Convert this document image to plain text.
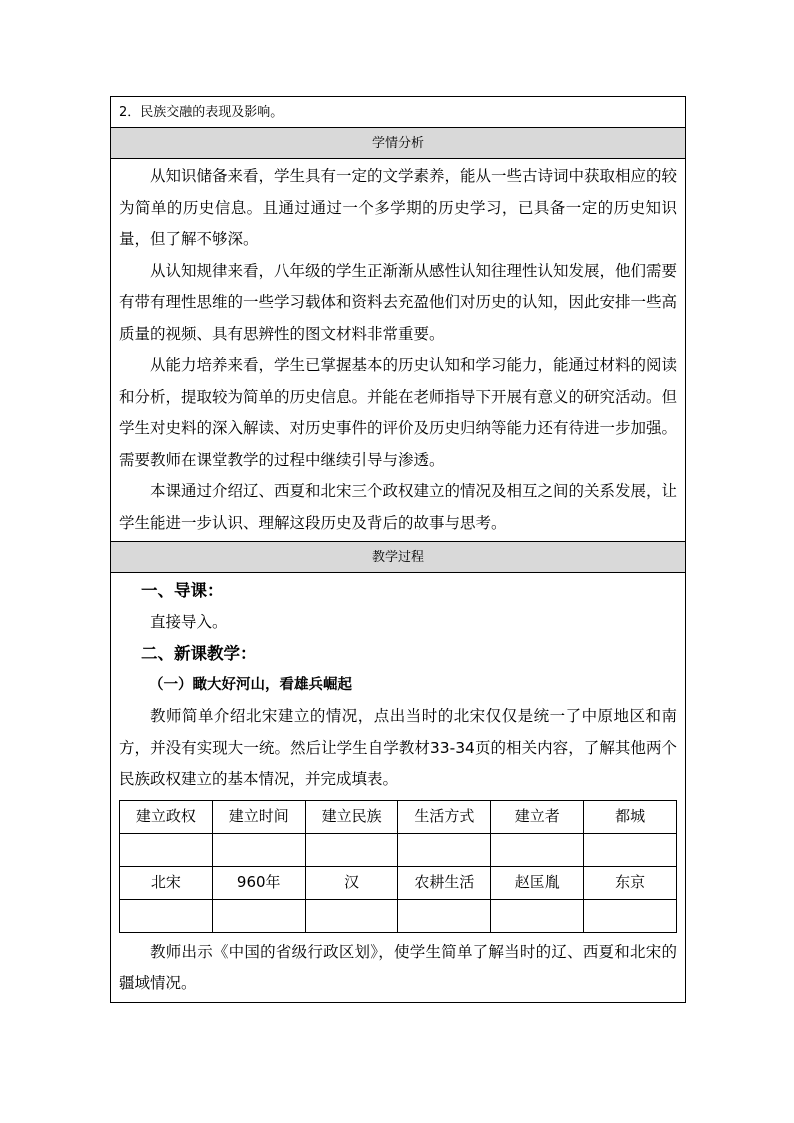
2．民族交融的表现及影响。
学情分析

从知识储备来看，学生具有一定的文学素养，能从一些古诗词中获取相应的较为简单的历史信息。且通过通过一个多学期的历史学习，已具备一定的历史知识量，但了解不够深。

从认知规律来看，八年级的学生正渐渐从感性认知往理性认知发展，他们需要有带有理性思维的一些学习载体和资料去充盈他们对历史的认知，因此安排一些高质量的视频、具有思辨性的图文材料非常重要。

从能力培养来看，学生已掌握基本的历史认知和学习能力，能通过材料的阅读和分析，提取较为简单的历史信息。并能在老师指导下开展有意义的研究活动。但学生对史料的深入解读、对历史事件的评价及历史归纳等能力还有待进一步加强。需要教师在课堂教学的过程中继续引导与渗透。

本课通过介绍辽、西夏和北宋三个政权建立的情况及相互之间的关系发展，让学生能进一步认识、理解这段历史及背后的故事与思考。

教学过程

一、导课：

直接导入。

二、新课教学：

（一）瞰大好河山，看雄兵崛起

教师简单介绍北宋建立的情况，点出当时的北宋仅仅是统一了中原地区和南方，并没有实现大一统。然后让学生自学教材33-34页的相关内容，了解其他两个民族政权建立的基本情况，并完成填表。

建立政权	建立时间	建立民族	生活方式	建立者	都城

北宋	960年	汉	农耕生活	赵匡胤	东京

教师出示《中国的省级行政区划》，使学生简单了解当时的辽、西夏和北宋的疆域情况。
